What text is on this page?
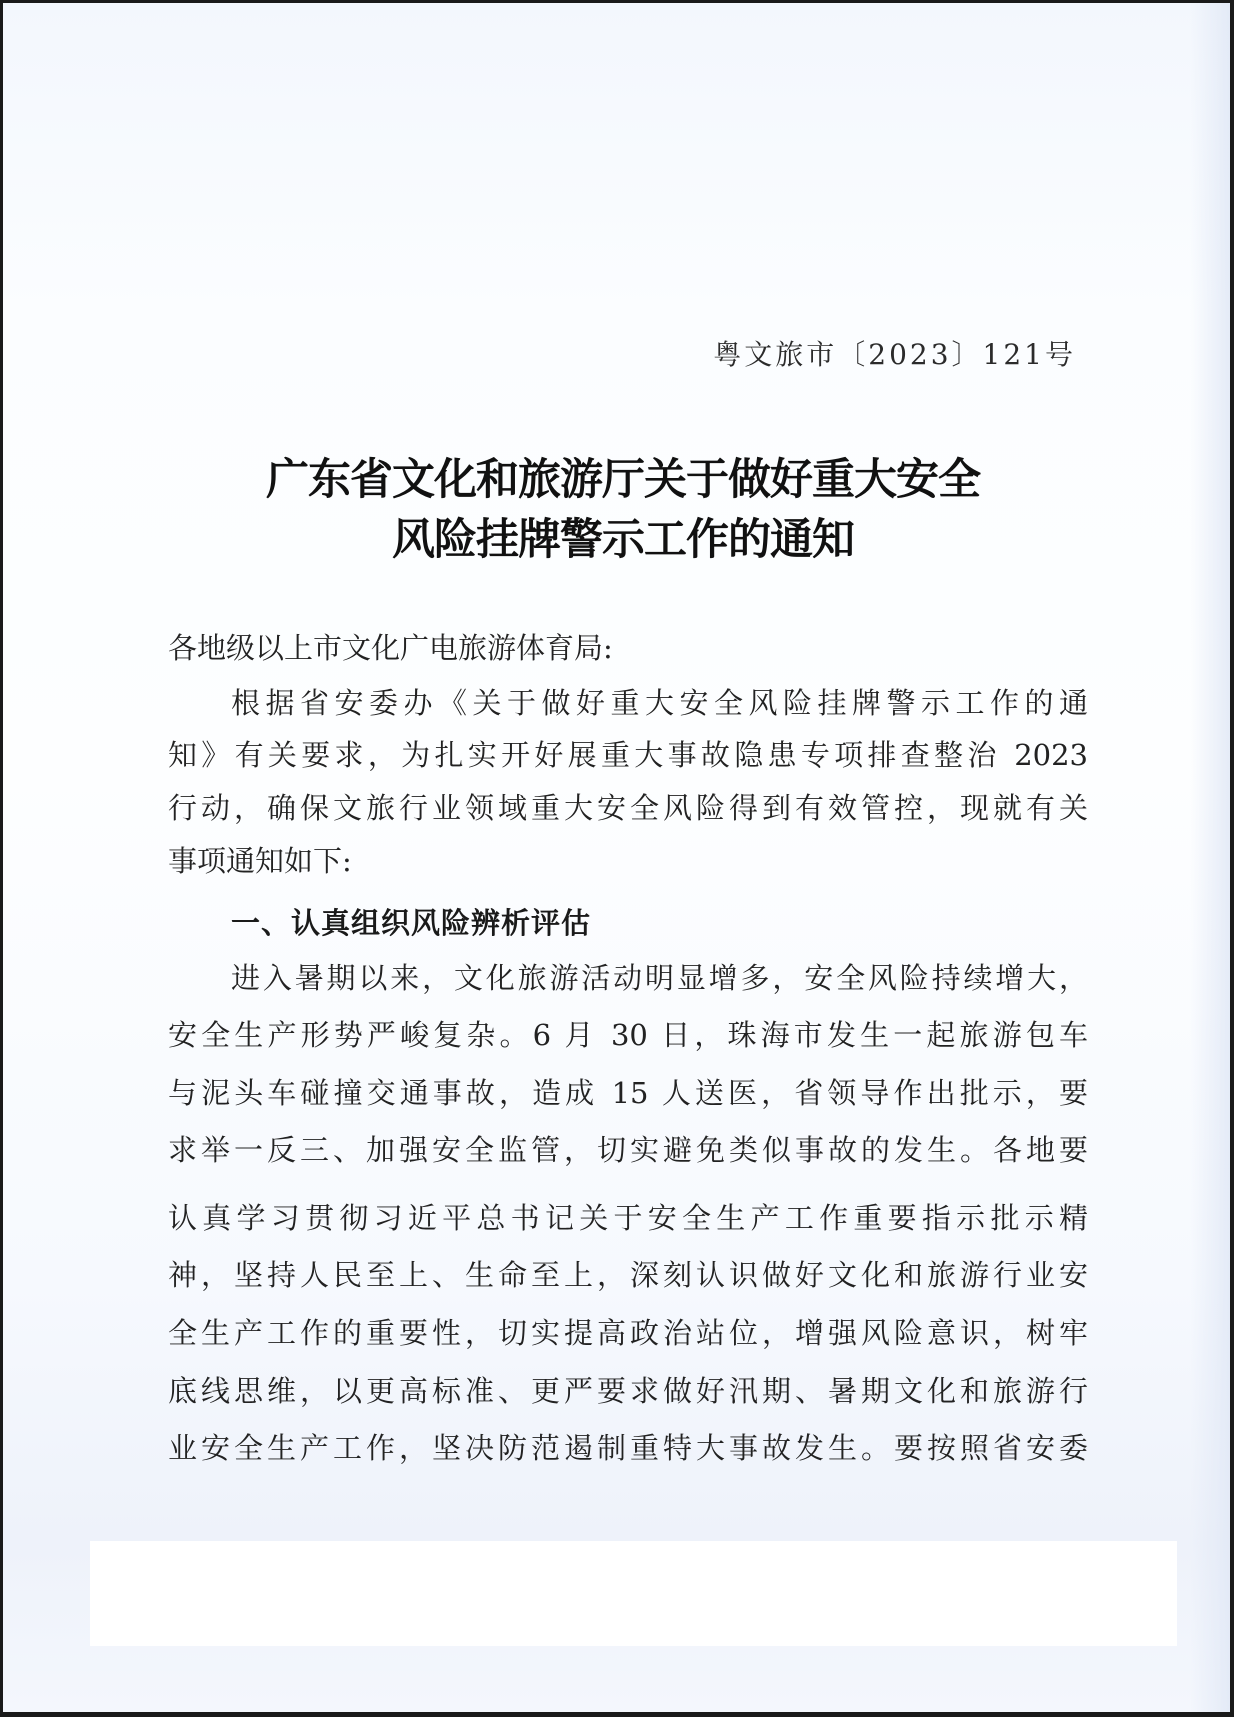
粤文旅市〔2023〕121号
广东省文化和旅游厅关于做好重大安全
风险挂牌警示工作的通知
各地级以上市文化广电旅游体育局:
根据省安委办《关于做好重大安全风险挂牌警示工作的通
知》有关要求，为扎实开好展重大事故隐患专项排查整治 2023
行动，确保文旅行业领域重大安全风险得到有效管控，现就有关
事项通知如下:
一、认真组织风险辨析评估
进入暑期以来，文化旅游活动明显增多，安全风险持续增大，
安全生产形势严峻复杂。6 月 30 日，珠海市发生一起旅游包车
与泥头车碰撞交通事故，造成 15 人送医，省领导作出批示，要
求举一反三、加强安全监管，切实避免类似事故的发生。各地要
认真学习贯彻习近平总书记关于安全生产工作重要指示批示精
神，坚持人民至上、生命至上，深刻认识做好文化和旅游行业安
全生产工作的重要性，切实提高政治站位，增强风险意识，树牢
底线思维，以更高标准、更严要求做好汛期、暑期文化和旅游行
业安全生产工作，坚决防范遏制重特大事故发生。要按照省安委
